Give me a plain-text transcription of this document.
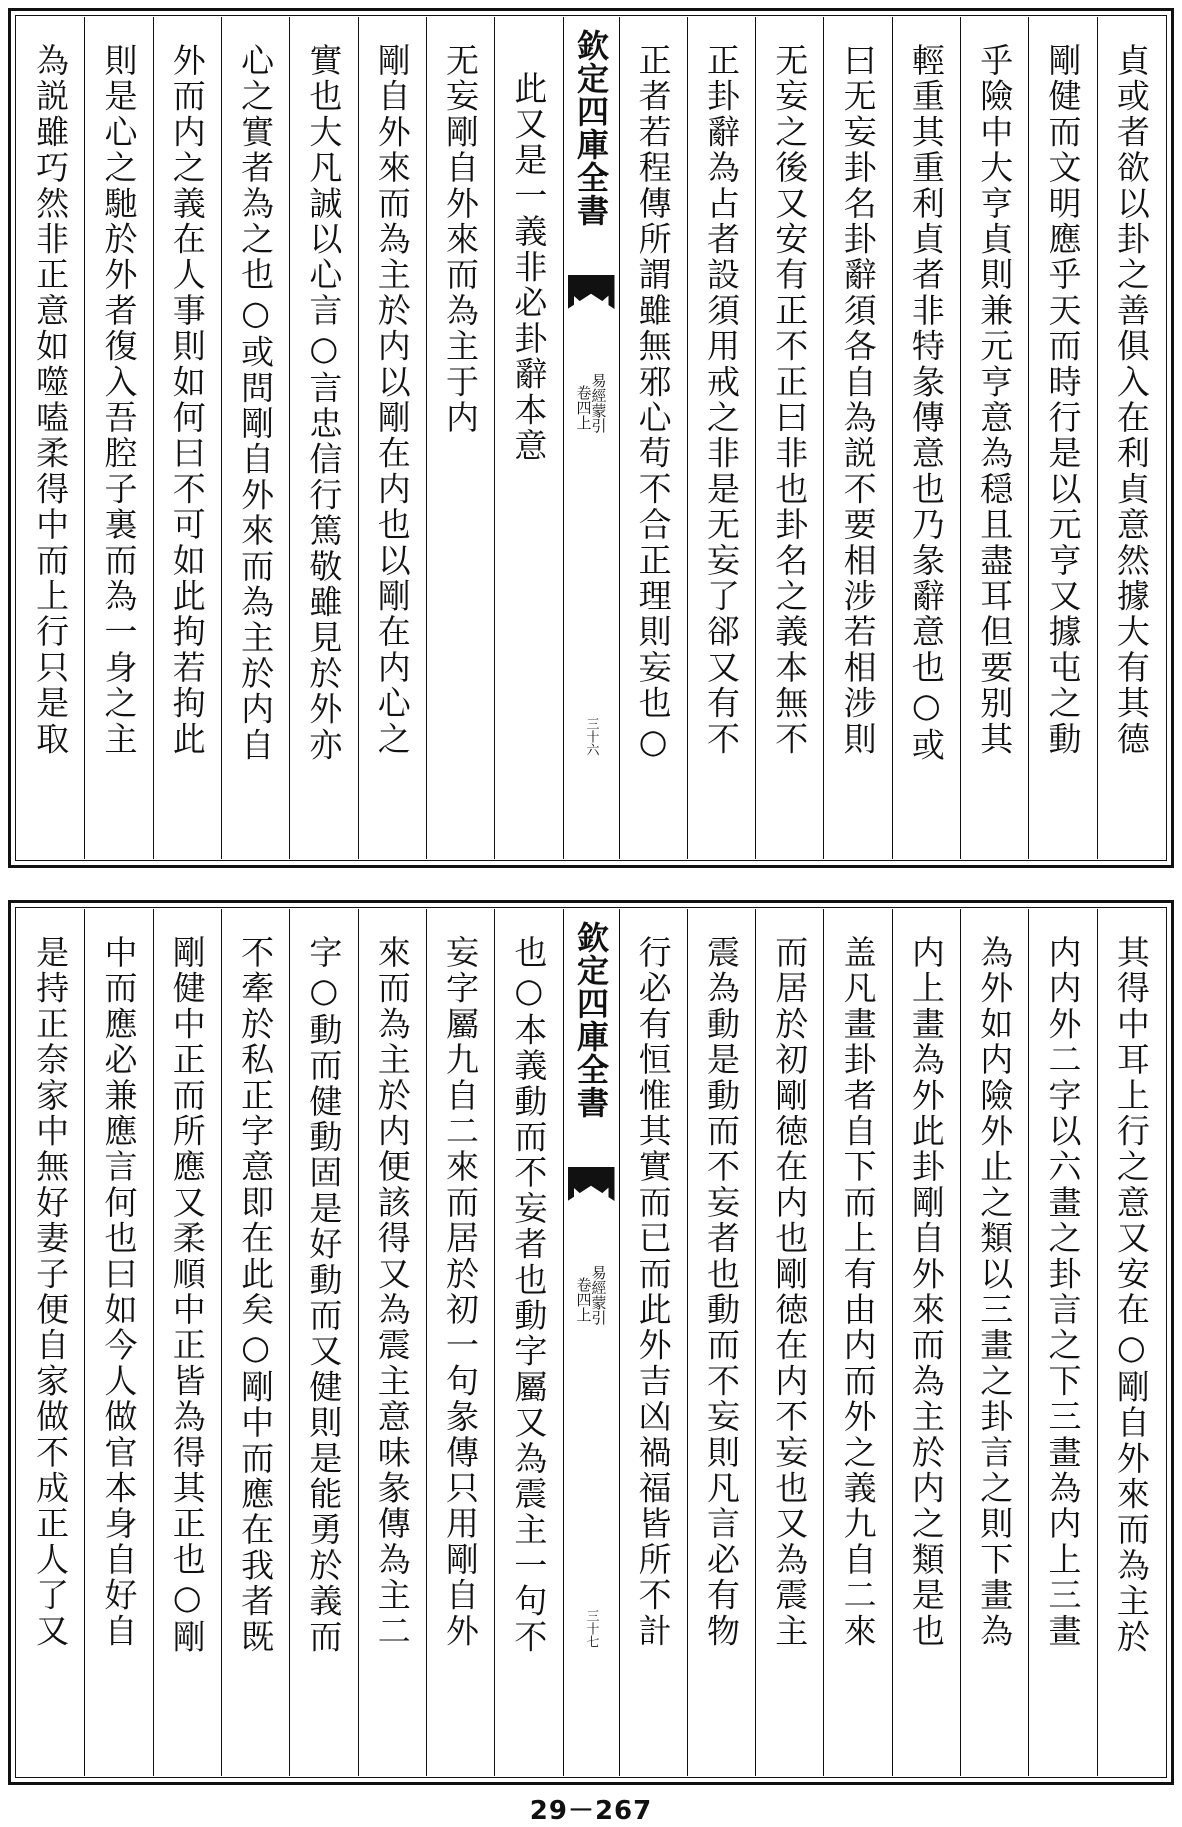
貞或者欲以卦之善俱入在利貞意然據大有其德
剛健而文明應乎天而時行是以元亨又據屯之動
乎險中大亨貞則兼元亨意為穏且盡耳但要别其
輕重其重利貞者非特彖傳意也乃彖辭意也○或
曰无妄卦名卦辭須各自為説不要相涉若相涉則
无妄之後又安有正不正曰非也卦名之義本無不
正卦辭為占者設須用戒之非是无妄了郤又有不
正者若程傳所謂雖無邪心苟不合正理則妄也○
欽定四庫全書
易經蒙引
卷四上
三十六
此又是一義非必卦辭本意
无妄剛自外來而為主于内
剛自外來而為主於内以剛在内也以剛在内心之
實也大凡誠以心言○言忠信行篤敬雖見於外亦
心之實者為之也○或問剛自外來而為主於内自
外而内之義在人事則如何曰不可如此拘若拘此
則是心之馳於外者復入吾腔子裏而為一身之主
為説雖巧然非正意如噬嗑柔得中而上行只是取
其得中耳上行之意又安在○剛自外來而為主於
内内外二字以六畫之卦言之下三畫為内上三畫
為外如内險外止之類以三畫之卦言之則下畫為
内上畫為外此卦剛自外來而為主於内之類是也
盖凡畫卦者自下而上有由内而外之義九自二來
而居於初剛徳在内也剛徳在内不妄也又為震主
震為動是動而不妄者也動而不妄則凡言必有物
行必有恒惟其實而已而此外吉凶禍福皆所不計
欽定四庫全書
易經蒙引
卷四上
三十七
也○本義動而不妄者也動字屬又為震主一句不
妄字屬九自二來而居於初一句彖傳只用剛自外
來而為主於内便該得又為震主意味彖傳為主二
字○動而健動固是好動而又健則是能勇於義而
不牽於私正字意即在此矣○剛中而應在我者既
剛健中正而所應又柔順中正皆為得其正也○剛
中而應必兼應言何也曰如今人做官本身自好自
是持正奈家中無好妻子便自家做不成正人了又
29－267
